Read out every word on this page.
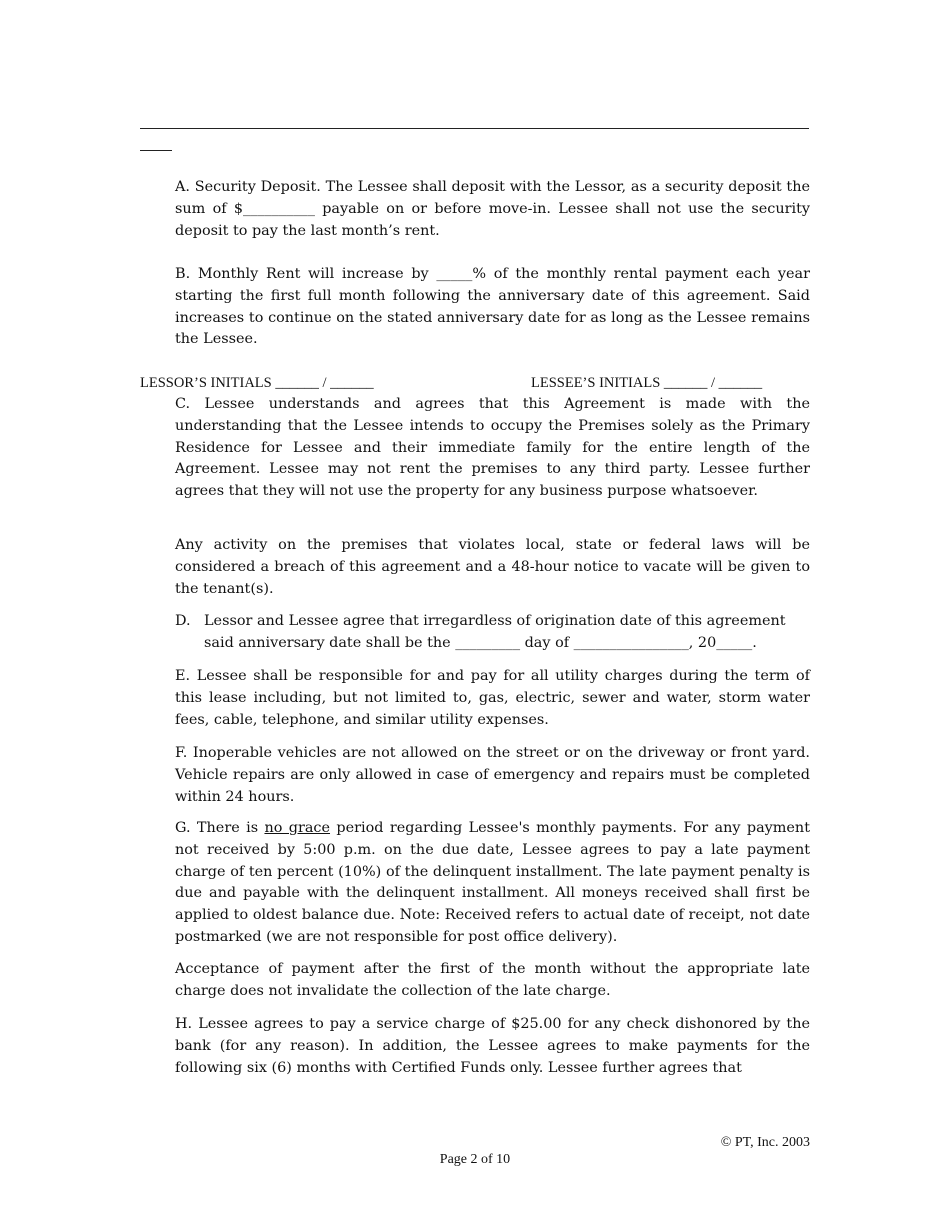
A. Security Deposit. The Lessee shall deposit with the Lessor, as a security deposit the sum of $__________ payable on or before move-in. Lessee shall not use the security deposit to pay the last month’s rent.

B. Monthly Rent will increase by _____% of the monthly rental payment each year starting the first full month following the anniversary date of this agreement. Said increases to continue on the stated anniversary date for as long as the Lessee remains the Lessee.

LESSOR’S INITIALS ______ / ______	LESSEE’S INITIALS ______ / ______

C. Lessee understands and agrees that this Agreement is made with the understanding that the Lessee intends to occupy the Premises solely as the Primary Residence for Lessee and their immediate family for the entire length of the Agreement. Lessee may not rent the premises to any third party. Lessee further agrees that they will not use the property for any business purpose whatsoever.

Any activity on the premises that violates local, state or federal laws will be considered a breach of this agreement and a 48-hour notice to vacate will be given to the tenant(s).

D. Lessor and Lessee agree that irregardless of origination date of this agreement
said anniversary date shall be the _________ day of ________________, 20_____.

E. Lessee shall be responsible for and pay for all utility charges during the term of this lease including, but not limited to, gas, electric, sewer and water, storm water fees, cable, telephone, and similar utility expenses.

F. Inoperable vehicles are not allowed on the street or on the driveway or front yard. Vehicle repairs are only allowed in case of emergency and repairs must be completed within 24 hours.

G. There is no grace period regarding Lessee's monthly payments. For any payment not received by 5:00 p.m. on the due date, Lessee agrees to pay a late payment charge of ten percent (10%) of the delinquent installment. The late payment penalty is due and payable with the delinquent installment. All moneys received shall first be applied to oldest balance due. Note: Received refers to actual date of receipt, not date postmarked (we are not responsible for post office delivery).

Acceptance of payment after the first of the month without the appropriate late charge does not invalidate the collection of the late charge.

H. Lessee agrees to pay a service charge of $25.00 for any check dishonored by the bank (for any reason). In addition, the Lessee agrees to make payments for the following six (6) months with Certified Funds only. Lessee further agrees that

© PT, Inc. 2003
Page 2 of 10
